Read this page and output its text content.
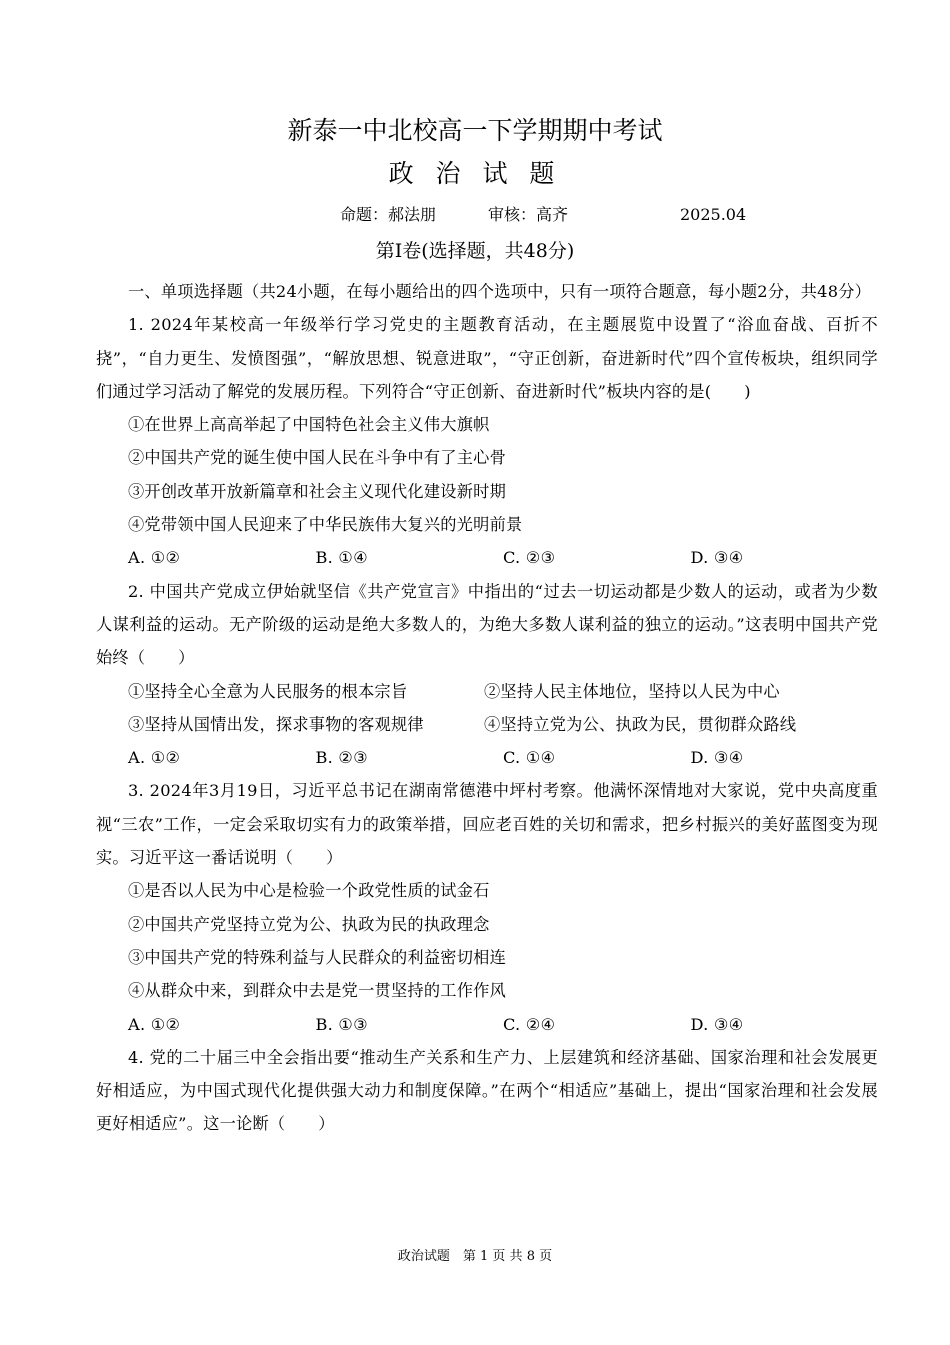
新泰一中北校高一下学期期中考试
政 治 试 题
命题：郝法朋	审核：高齐	2025.04
第Ⅰ卷(选择题，共48分)

一、单项选择题（共24小题，在每小题给出的四个选项中，只有一项符合题意，每小题2分，共48分）

1. 2024年某校高一年级举行学习党史的主题教育活动，在主题展览中设置了“浴血奋战、百折不挠”，“自力更生、发愤图强”，“解放思想、锐意进取”，“守正创新，奋进新时代”四个宣传板块，组织同学们通过学习活动了解党的发展历程。下列符合“守正创新、奋进新时代”板块内容的是(　　)

①在世界上高高举起了中国特色社会主义伟大旗帜

②中国共产党的诞生使中国人民在斗争中有了主心骨

③开创改革开放新篇章和社会主义现代化建设新时期

④党带领中国人民迎来了中华民族伟大复兴的光明前景

A. ①②	B. ①④	C. ②③	D. ③④

2. 中国共产党成立伊始就坚信《共产党宣言》中指出的“过去一切运动都是少数人的运动，或者为少数人谋利益的运动。无产阶级的运动是绝大多数人的，为绝大多数人谋利益的独立的运动。”这表明中国共产党始终（　　）

①坚持全心全意为人民服务的根本宗旨	②坚持人民主体地位，坚持以人民为中心
③坚持从国情出发，探求事物的客观规律	④坚持立党为公、执政为民，贯彻群众路线
A. ①②	B. ②③	C. ①④	D. ③④

3. 2024年3月19日，习近平总书记在湖南常德港中坪村考察。他满怀深情地对大家说，党中央高度重视“三农”工作，一定会采取切实有力的政策举措，回应老百姓的关切和需求，把乡村振兴的美好蓝图变为现实。习近平这一番话说明（　　）

①是否以人民为中心是检验一个政党性质的试金石

②中国共产党坚持立党为公、执政为民的执政理念

③中国共产党的特殊利益与人民群众的利益密切相连

④从群众中来，到群众中去是党一贯坚持的工作作风

A. ①②	B. ①③	C. ②④	D. ③④

4. 党的二十届三中全会指出要“推动生产关系和生产力、上层建筑和经济基础、国家治理和社会发展更好相适应，为中国式现代化提供强大动力和制度保障。”在两个“相适应”基础上，提出“国家治理和社会发展更好相适应”。这一论断（　　）

政治试题　第 1 页 共 8 页
